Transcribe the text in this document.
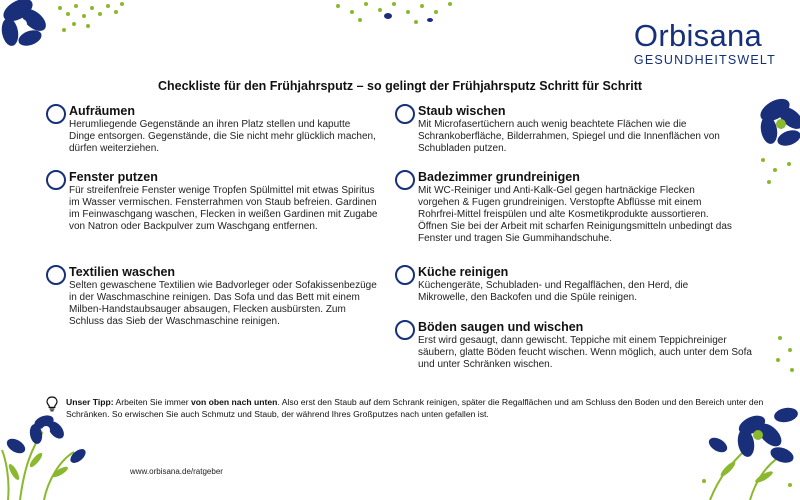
Orbisana
GESUNDHEITSWELT
Checkliste für den Frühjahrsputz – so gelingt der Frühjahrsputz Schritt für Schritt
Aufräumen
Herumliegende Gegenstände an ihren Platz stellen und kaputte Dinge entsorgen. Gegenstände, die Sie nicht mehr glücklich machen, dürfen weiterziehen.
Fenster putzen
Für streifenfreie Fenster wenige Tropfen Spülmittel mit etwas Spiritus im Wasser vermischen. Fensterrahmen von Staub befreien. Gardinen im Feinwaschgang waschen, Flecken in weißen Gardinen mit Zugabe von Natron oder Backpulver zum Waschgang entfernen.
Textilien waschen
Selten gewaschene Textilien wie Badvorleger oder Sofakissenbezüge in der Waschmaschine reinigen. Das Sofa und das Bett mit einem Milben-Handstaubsauger absaugen, Flecken ausbürsten. Zum Schluss das Sieb der Waschmaschine reinigen.
Staub wischen
Mit Microfasertüchern auch wenig beachtete Flächen wie die Schrankoberfläche, Bilderrahmen, Spiegel und die Innenflächen von Schubladen putzen.
Badezimmer grundreinigen
Mit WC-Reiniger und Anti-Kalk-Gel gegen hartnäckige Flecken vorgehen & Fugen grundreinigen. Verstopfte Abflüsse mit einem Rohrfrei-Mittel freispülen und alte Kosmetikprodukte aussortieren. Öffnen Sie bei der Arbeit mit scharfen Reinigungsmitteln unbedingt das Fenster und tragen Sie Gummihandschuhe.
Küche reinigen
Küchengeräte, Schubladen- und Regalflächen, den Herd, die Mikrowelle, den Backofen und die Spüle reinigen.
Böden saugen und wischen
Erst wird gesaugt, dann gewischt. Teppiche mit einem Teppichreiniger säubern, glatte Böden feucht wischen. Wenn möglich, auch unter dem Sofa und unter Schränken wischen.
Unser Tipp: Arbeiten Sie immer von oben nach unten. Also erst den Staub auf dem Schrank reinigen, später die Regalflächen und am Schluss den Boden und den Bereich unter den Schränken. So erwischen Sie auch Schmutz und Staub, der während Ihres Großputzes nach unten gefallen ist.
www.orbisana.de/ratgeber
